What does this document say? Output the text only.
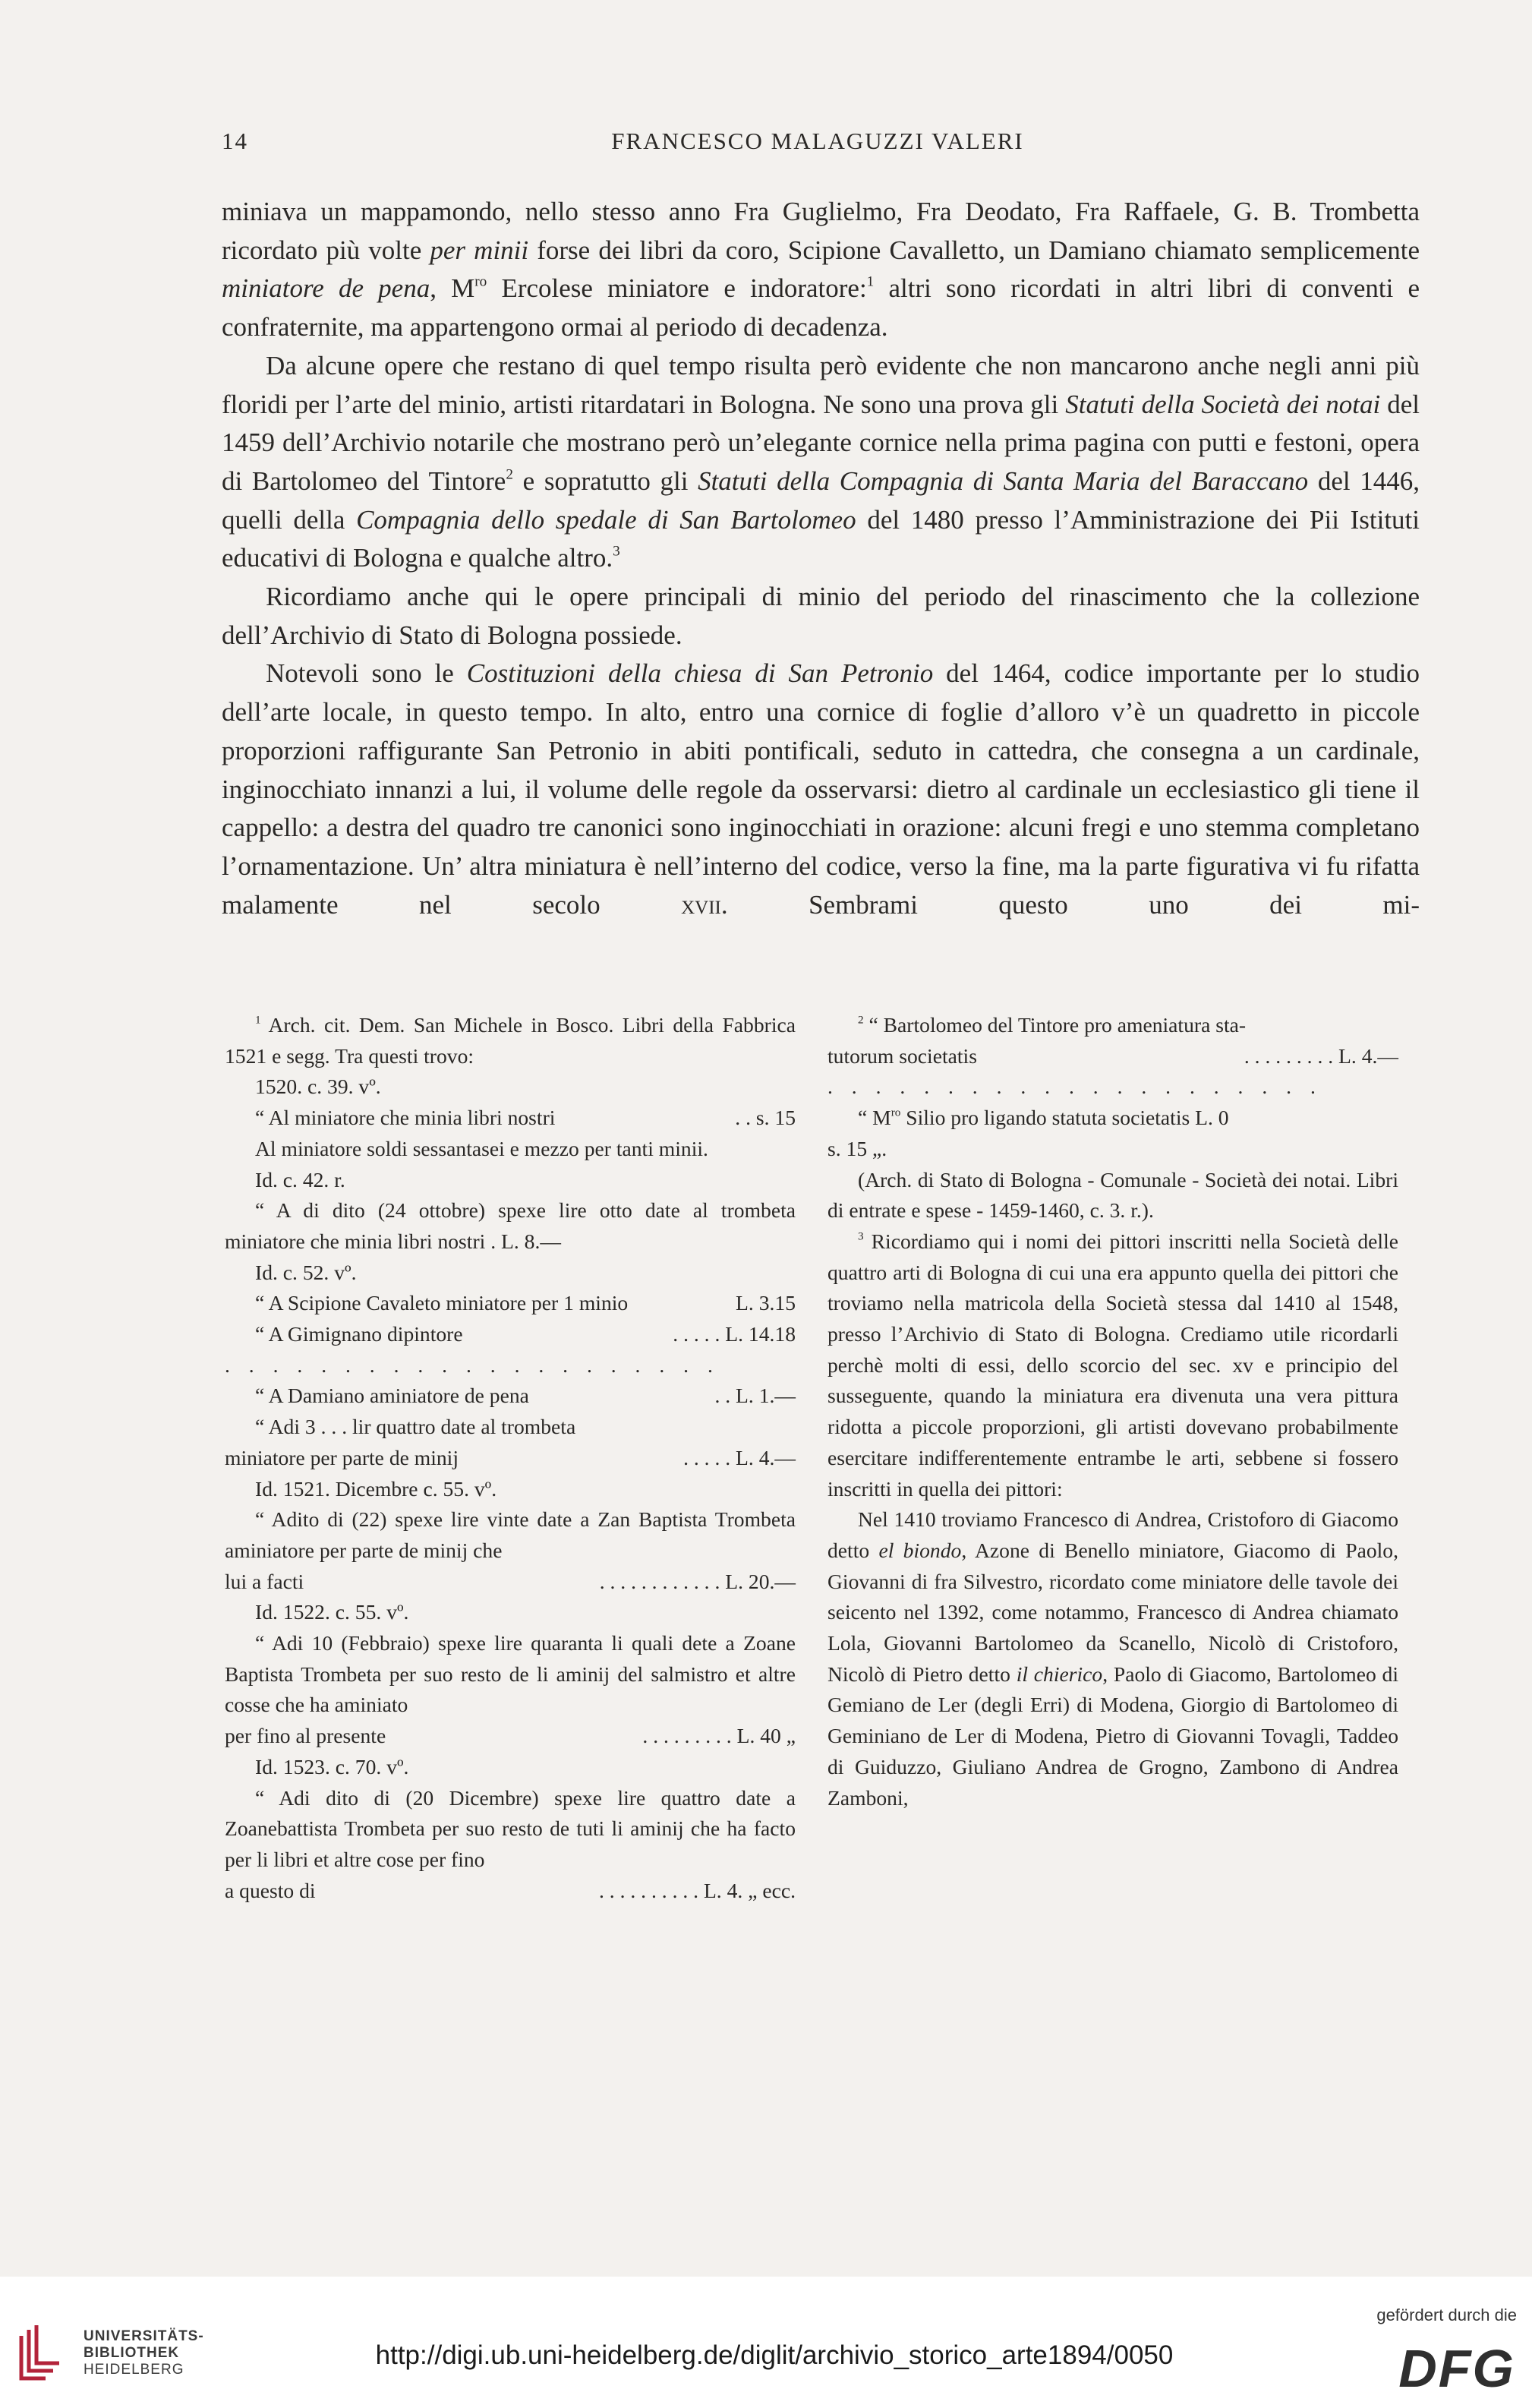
14	FRANCESCO MALAGUZZI VALERI

miniava un mappamondo, nello stesso anno Fra Guglielmo, Fra Deodato, Fra Raffaele, G. B. Trombetta ricordato più volte per minii forse dei libri da coro, Scipione Cavalletto, un Damiano chiamato semplicemente miniatore de pena, $M^{ro}$ Ercolese miniatore e indoratore:$^1$ altri sono ricordati in altri libri di conventi e confraternite, ma appartengono ormai al periodo di decadenza.

Da alcune opere che restano di quel tempo risulta però evidente che non mancarono anche negli anni più floridi per l’arte del minio, artisti ritardatari in Bologna. Ne sono una prova gli Statuti della Società dei notai del 1459 dell’Archivio notarile che mostrano però un’elegante cornice nella prima pagina con putti e festoni, opera di Bartolomeo del Tintore$^2$ e sopratutto gli Statuti della Compagnia di Santa Maria del Baraccano del 1446, quelli della Compagnia dello spedale di San Bartolomeo del 1480 presso l’Amministrazione dei Pii Istituti educativi di Bologna e qualche altro.$^3$

Ricordiamo anche qui le opere principali di minio del periodo del rinascimento che la collezione dell’Archivio di Stato di Bologna possiede.

Notevoli sono le Costituzioni della chiesa di San Petronio del 1464, codice importante per lo studio dell’arte locale, in questo tempo. In alto, entro una cornice di foglie d’alloro v’è un quadretto in piccole proporzioni raffigurante San Petronio in abiti pontificali, seduto in cattedra, che consegna a un cardinale, inginocchiato innanzi a lui, il volume delle regole da osservarsi: dietro al cardinale un ecclesiastico gli tiene il cappello: a destra del quadro tre canonici sono inginocchiati in orazione: alcuni fregi e uno stemma completano l’ornamentazione. Un’ altra miniatura è nell’interno del codice, verso la fine, ma la parte figurativa vi fu rifatta malamente nel secolo xvii. Sembrami questo uno dei mi-

$^1$ Arch. cit. Dem. San Michele in Bosco. Libri della Fabbrica 1521 e segg. Tra questi trovo:

1520. c. 39. vº.

“ Al miniatore che minia libri nostri	. . s. 15

Al miniatore soldi sessantasei e mezzo per tanti minii.

Id. c. 42. r.

“ A di dito (24 ottobre) spexe lire otto date al trombeta miniatore che minia libri nostri . L. 8.—

Id. c. 52. vº.

“ A Scipione Cavaleto miniatore per 1 minio	L. 3.15

“ A Gimignano dipintore	. . . . . L. 14.18

. . . . . . . . . . . . . . . . . . . . .

“ A Damiano aminiatore de pena	. . L. 1.—

“ Adi 3 . . . lir quattro date al trombeta

miniatore per parte de minij	. . . . . L. 4.—

Id. 1521. Dicembre c. 55. vº.

“ Adito di (22) spexe lire vinte date a Zan Baptista Trombeta aminiatore per parte de minij che

lui a facti	. . . . . . . . . . . . L. 20.—

Id. 1522. c. 55. vº.

“ Adi 10 (Febbraio) spexe lire quaranta li quali dete a Zoane Baptista Trombeta per suo resto de li aminij del salmistro et altre cosse che ha aminiato

per fino al presente	. . . . . . . . . L. 40 „

Id. 1523. c. 70. vº.

“ Adi dito di (20 Dicembre) spexe lire quattro date a Zoanebattista Trombeta per suo resto de tuti li aminij che ha facto per li libri et altre cose per fino

a questo di	. . . . . . . . . . L. 4. „ ecc.

$^2$ “ Bartolomeo del Tintore pro ameniatura sta-

tutorum societatis	. . . . . . . . . L. 4.—

. . . . . . . . . . . . . . . . . . . . .

“ $M^{ro}$ Silio pro ligando statuta societatis L. 0

s. 15 „.

(Arch. di Stato di Bologna - Comunale - Società dei notai. Libri di entrate e spese - 1459-1460, c. 3. r.).

$^3$ Ricordiamo qui i nomi dei pittori inscritti nella Società delle quattro arti di Bologna di cui una era appunto quella dei pittori che troviamo nella matricola della Società stessa dal 1410 al 1548, presso l’Archivio di Stato di Bologna. Crediamo utile ricordarli perchè molti di essi, dello scorcio del sec. xv e principio del susseguente, quando la miniatura era divenuta una vera pittura ridotta a piccole proporzioni, gli artisti dovevano probabilmente esercitare indifferentemente entrambe le arti, sebbene si fossero inscritti in quella dei pittori:

Nel 1410 troviamo Francesco di Andrea, Cristoforo di Giacomo detto el biondo, Azone di Benello miniatore, Giacomo di Paolo, Giovanni di fra Silvestro, ricordato come miniatore delle tavole dei seicento nel 1392, come notammo, Francesco di Andrea chiamato Lola, Giovanni Bartolomeo da Scanello, Nicolò di Cristoforo, Nicolò di Pietro detto il chierico, Paolo di Giacomo, Bartolomeo di Gemiano de Ler (degli Erri) di Modena, Giorgio di Bartolomeo di Geminiano de Ler di Modena, Pietro di Giovanni Tovagli, Taddeo di Guiduzzo, Giuliano Andrea de Grogno, Zambono di Andrea Zamboni,

UNIVERSITÄTS-
BIBLIOTHEK
HEIDELBERG	http://digi.ub.uni-heidelberg.de/diglit/archivio_storico_arte1894/0050
gefördert durch die
DFG
